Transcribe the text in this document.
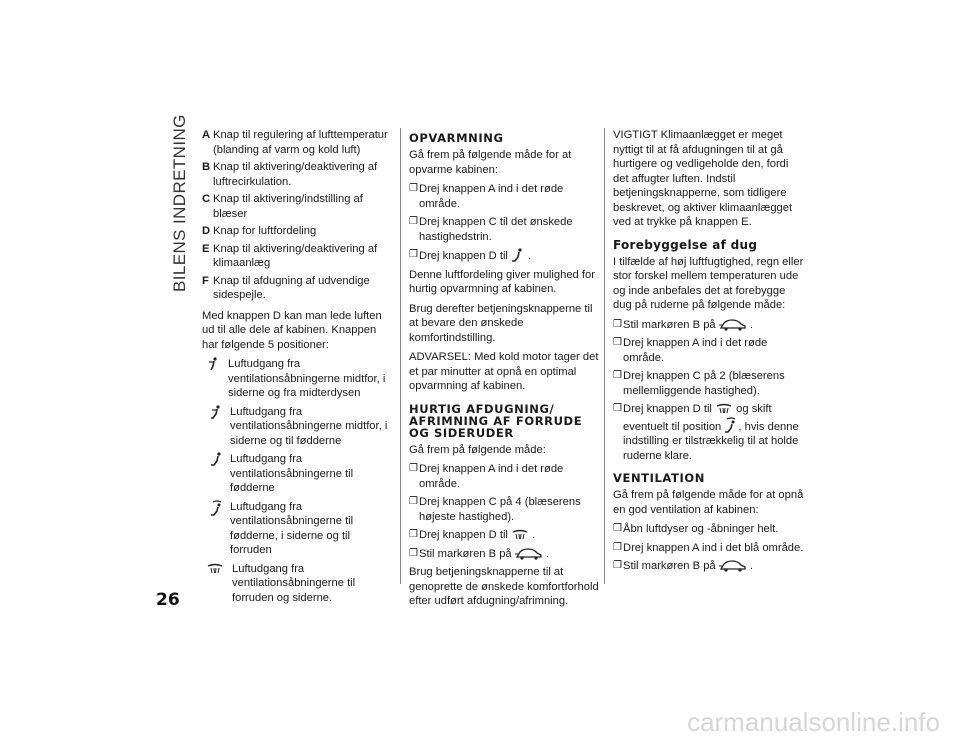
BILENS INDRETNING
26
A Knap til regulering af lufttemperatur (blanding af varm og kold luft)
B Knap til aktivering/deaktivering af luftrecirkulation.
C Knap til aktivering/indstilling af blæser
D Knap for luftfordeling
E Knap til aktivering/deaktivering af klimaanlæg
F Knap til afdugning af udvendige sidespejle.

Med knappen D kan man lede luften ud til alle dele af kabinen. Knappen har følgende 5 positioner:

Luftudgang fra ventilationsåbningerne midtfor, i siderne og fra midterdysen
Luftudgang fra ventilationsåbningerne midtfor, i siderne og til fødderne
Luftudgang fra ventilationsåbningerne til fødderne
Luftudgang fra ventilationsåbningerne til fødderne, i siderne og til forruden
Luftudgang fra ventilationsåbningerne til forruden og siderne.
OPVARMNING

Gå frem på følgende måde for at opvarme kabinen:

❐ Drej knappen A ind i det røde område.
❐ Drej knappen C til det ønskede hastighedstrin.
❐ Drej knappen D til .

Denne luftfordeling giver mulighed for hurtig opvarmning af kabinen.

Brug derefter betjeningsknapperne til at bevare den ønskede komfortindstilling.

ADVARSEL: Med kold motor tager det et par minutter at opnå en optimal opvarmning af kabinen.

HURTIG AFDUGNING/ AFRIMNING AF FORRUDE OG SIDERUDER

Gå frem på følgende måde:

❐ Drej knappen A ind i det røde område.
❐ Drej knappen C på 4 (blæserens højeste hastighed).
❐ Drej knappen D til .
❐ Stil markøren B på	.

Brug betjeningsknapperne til at genoprette de ønskede komfortforhold efter udført afdugning/afrimning.

VIGTIGT Klimaanlægget er meget nyttigt til at få afdugningen til at gå hurtigere og vedligeholde den, fordi det affugter luften. Indstil betjeningsknapperne, som tidligere beskrevet, og aktiver klimaanlægget ved at trykke på knappen E.

Forebyggelse af dug

I tilfælde af høj luftfugtighed, regn eller stor forskel mellem temperaturen ude og inde anbefales det at forebygge dug på ruderne på følgende måde:

❐ Stil markøren B på	.
❐ Drej knappen A ind i det røde område.
❐ Drej knappen C på 2 (blæserens mellemliggende hastighed).
❐ Drej knappen D til og skift eventuelt til position , hvis denne indstilling er tilstrækkelig til at holde ruderne klare.
VENTILATION

Gå frem på følgende måde for at opnå en god ventilation af kabinen:

❐ Åbn luftdyser og -åbninger helt.
❐ Drej knappen A ind i det blå område.
❐ Stil markøren B på	.
carmanualsonline.info
